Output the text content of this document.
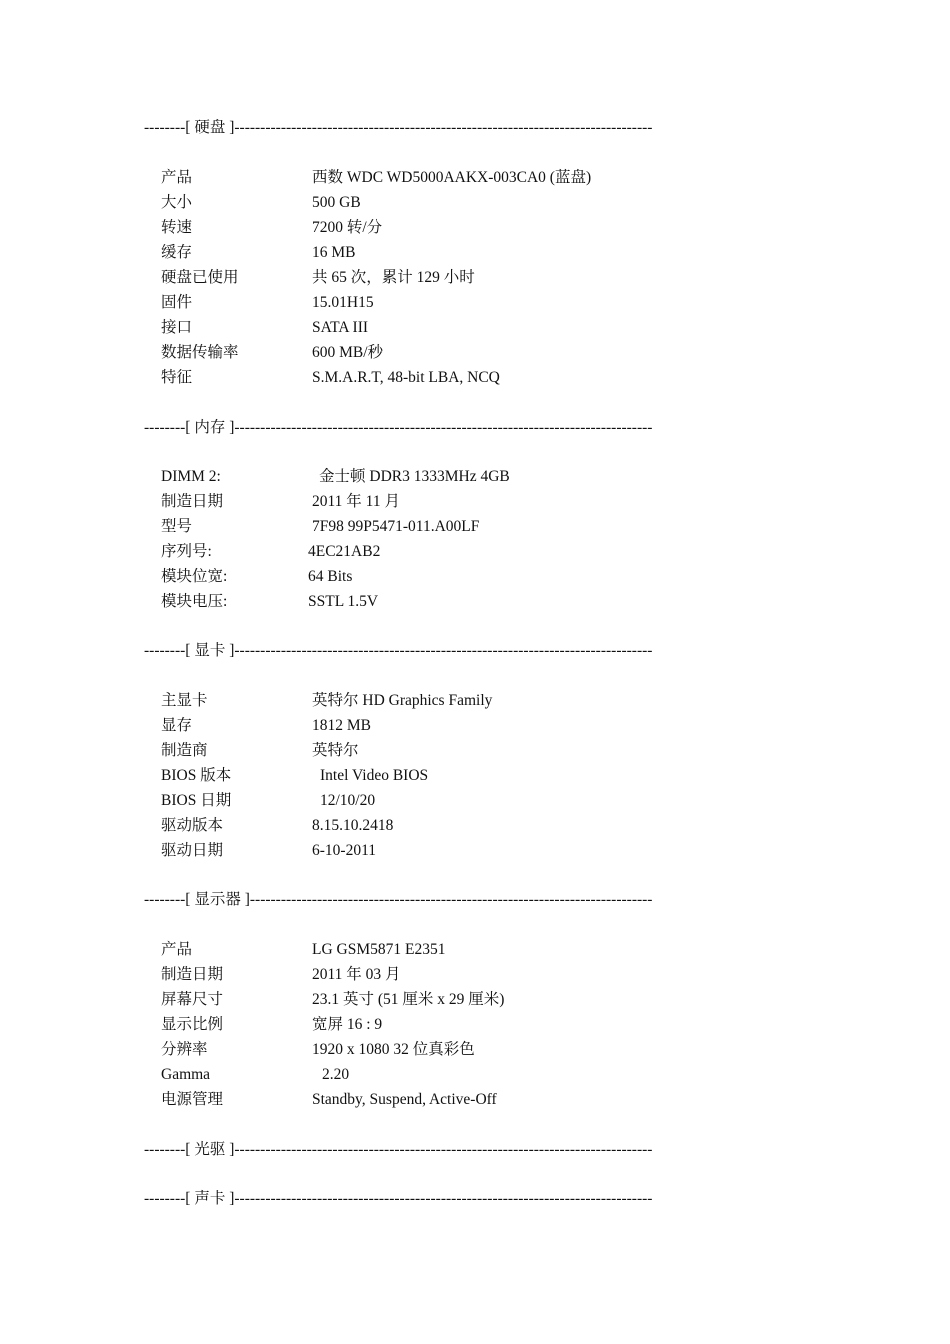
--------[ 硬盘 ]---------------------------------------------------------------------------------
产品	西数 WDC WD5000AAKX-003CA0 (蓝盘)
大小	500 GB
转速	7200 转/分
缓存	16 MB
硬盘已使用	共 65 次，累计 129 小时
固件	15.01H15
接口	SATA III
数据传输率	600 MB/秒
特征	S.M.A.R.T, 48-bit LBA, NCQ
--------[ 内存 ]---------------------------------------------------------------------------------
DIMM 2:	金士顿 DDR3 1333MHz 4GB
制造日期	2011 年 11 月
型号	7F98 99P5471-011.A00LF
序列号:	4EC21AB2
模块位宽:	64 Bits
模块电压:	SSTL 1.5V
--------[ 显卡 ]---------------------------------------------------------------------------------
主显卡	英特尔 HD Graphics Family
显存	1812 MB
制造商	英特尔
BIOS 版本	Intel Video BIOS
BIOS 日期	12/10/20
驱动版本	8.15.10.2418
驱动日期	6-10-2011
--------[ 显示器 ]------------------------------------------------------------------------------
产品	LG GSM5871 E2351
制造日期	2011 年 03 月
屏幕尺寸	23.1 英寸 (51 厘米 x 29 厘米)
显示比例	宽屏 16 : 9
分辨率	1920 x 1080 32 位真彩色
Gamma	2.20
电源管理	Standby, Suspend, Active-Off
--------[ 光驱 ]---------------------------------------------------------------------------------
--------[ 声卡 ]---------------------------------------------------------------------------------
